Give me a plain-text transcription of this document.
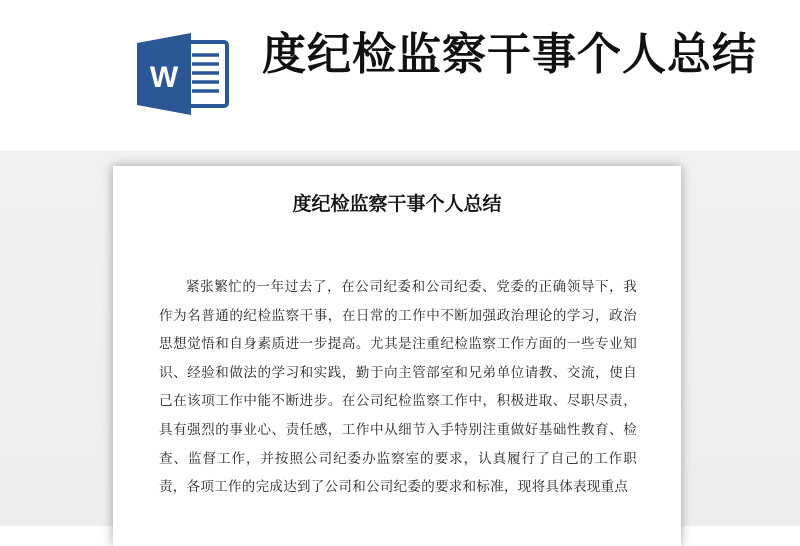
W 度纪检监察干事个人总结
度纪检监察干事个人总结

紧张繁忙的一年过去了，在公司纪委和公司纪委、党委的正确领导下，我作为名普通的纪检监察干事，在日常的工作中不断加强政治理论的学习，政治思想觉悟和自身素质进一步提高。尤其是注重纪检监察工作方面的一些专业知识、经验和做法的学习和实践，勤于向主管部室和兄弟单位请教、交流，使自己在该项工作中能不断进步。在公司纪检监察工作中，积极进取、尽职尽责，具有强烈的事业心、责任感，工作中从细节入手特别注重做好基础性教育、检查、监督工作，并按照公司纪委办监察室的要求，认真履行了自己的工作职责，各项工作的完成达到了公司和公司纪委的要求和标准，现将具体表现重点
